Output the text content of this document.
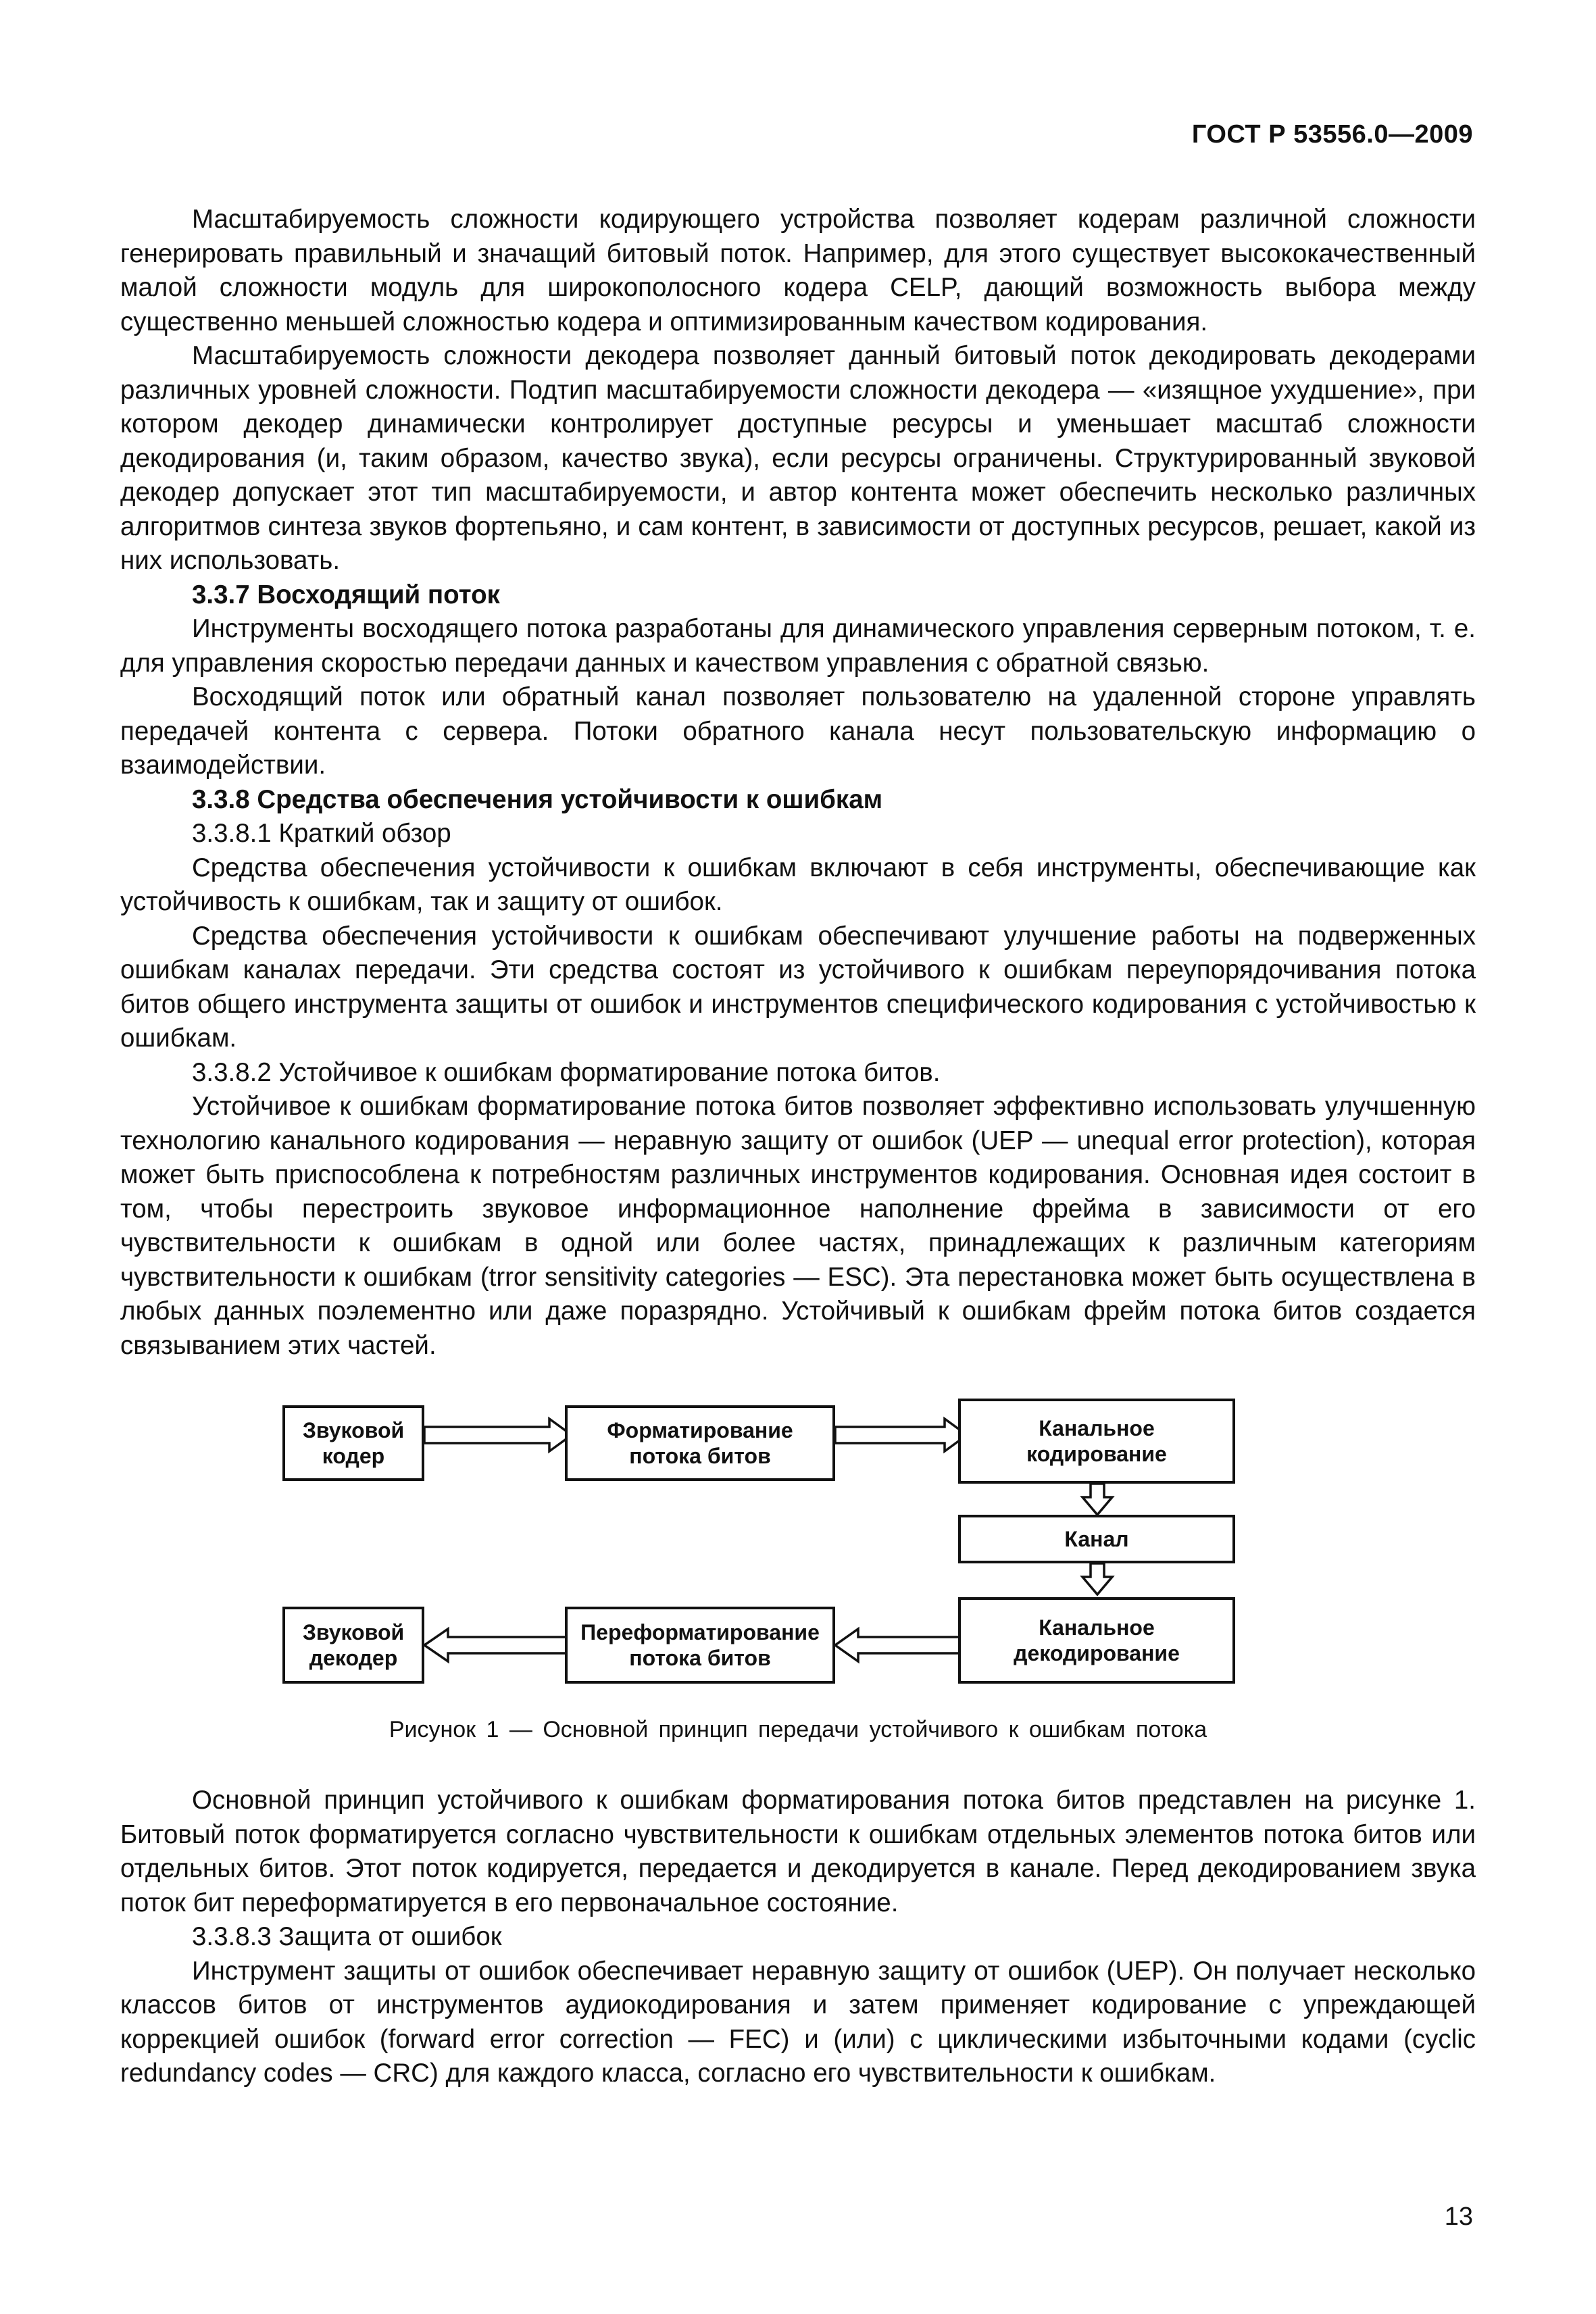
ГОСТ Р 53556.0—2009

Масштабируемость сложности кодирующего устройства позволяет кодерам различной сложности генерировать правильный и значащий битовый поток. Например, для этого существует высококачественный малой сложности модуль для широкополосного кодера CELP, дающий возможность выбора между существенно меньшей сложностью кодера и оптимизированным качеством кодирования.

Масштабируемость сложности декодера позволяет данный битовый поток декодировать декодерами различных уровней сложности. Подтип масштабируемости сложности декодера — «изящное ухудшение», при котором декодер динамически контролирует доступные ресурсы и уменьшает масштаб сложности декодирования (и, таким образом, качество звука), если ресурсы ограничены. Структурированный звуковой декодер допускает этот тип масштабируемости, и автор контента может обеспечить несколько различных алгоритмов синтеза звуков фортепьяно, и сам контент, в зависимости от доступных ресурсов, решает, какой из них использовать.

3.3.7 Восходящий поток

Инструменты восходящего потока разработаны для динамического управления серверным потоком, т. е. для управления скоростью передачи данных и качеством управления с обратной связью.

Восходящий поток или обратный канал позволяет пользователю на удаленной стороне управлять передачей контента с сервера. Потоки обратного канала несут пользовательскую информацию о взаимодействии.

3.3.8 Средства обеспечения устойчивости к ошибкам

3.3.8.1 Краткий обзор

Средства обеспечения устойчивости к ошибкам включают в себя инструменты, обеспечивающие как устойчивость к ошибкам, так и защиту от ошибок.

Средства обеспечения устойчивости к ошибкам обеспечивают улучшение работы на подверженных ошибкам каналах передачи. Эти средства состоят из устойчивого к ошибкам переупорядочивания потока битов общего инструмента защиты от ошибок и инструментов специфического кодирования с устойчивостью к ошибкам.

3.3.8.2 Устойчивое к ошибкам форматирование потока битов.

Устойчивое к ошибкам форматирование потока битов позволяет эффективно использовать улучшенную технологию канального кодирования — неравную защиту от ошибок (UEP — unequal error protection), которая может быть приспособлена к потребностям различных инструментов кодирования. Основная идея состоит в том, чтобы перестроить звуковое информационное наполнение фрейма в зависимости от его чувствительности к ошибкам в одной или более частях, принадлежащих к различным категориям чувствительности к ошибкам (trror sensitivity categories — ESC). Эта перестановка может быть осуществлена в любых данных поэлементно или даже поразрядно. Устойчивый к ошибкам фрейм потока битов создается связыванием этих частей.

Звуковой
кодер
Форматирование
потока битов
Канальное
кодирование
Канал
Звуковой
декодер
Переформатирование
потока битов
Канальное
декодирование
Рисунок 1 — Основной принцип передачи устойчивого к ошибкам потока

Основной принцип устойчивого к ошибкам форматирования потока битов представлен на рисунке 1. Битовый поток форматируется согласно чувствительности к ошибкам отдельных элементов потока битов или отдельных битов. Этот поток кодируется, передается и декодируется в канале. Перед декодированием звука поток бит переформатируется в его первоначальное состояние.

3.3.8.3 Защита от ошибок

Инструмент защиты от ошибок обеспечивает неравную защиту от ошибок (UEP). Он получает несколько классов битов от инструментов аудиокодирования и затем применяет кодирование с упреждающей коррекцией ошибок (forward error correction — FEC) и (или) с циклическими избыточными кодами (cyclic redundancy codes — CRC) для каждого класса, согласно его чувствительности к ошибкам.

13
